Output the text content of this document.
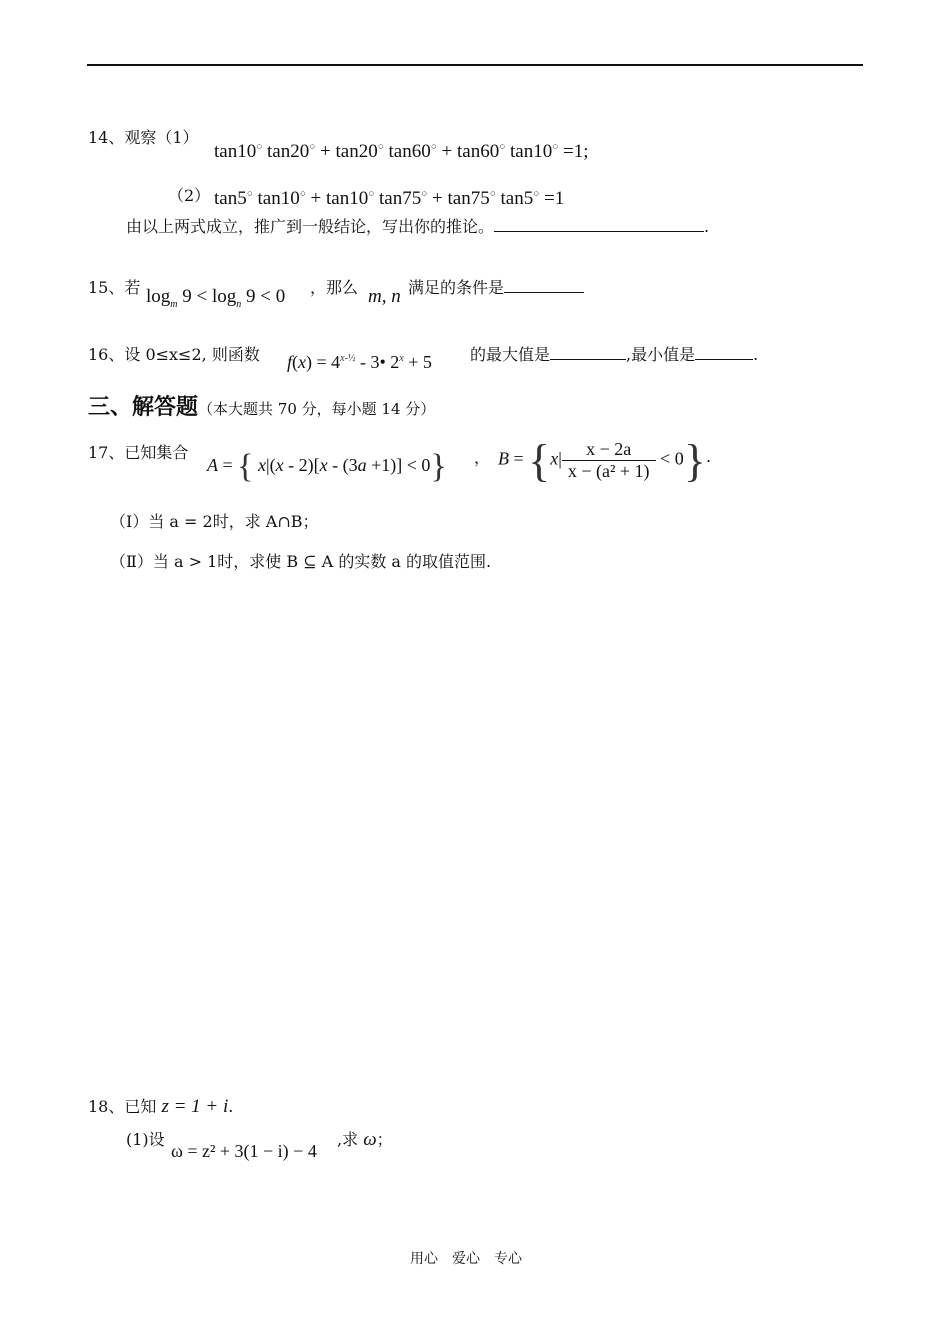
14、观察（1）
tan10○ tan20○ + tan20○ tan60○ + tan60○ tan10○ =1;
（2） tan5○ tan10○ + tan10○ tan75○ + tan75○ tan5○ =1
由以上两式成立，推广到一般结论，写出你的推论。	.
15、若 $\log_m 9 < \log_n 9 < 0$ ，那么 m, n 满足的条件是
16、设 0≤x≤2, 则函数 $f(x) = 4^{x-\frac{1}{2}}$ - 3• $2^x + 5$ 的最大值是	,最小值是	.
三、解答题（本大题共 70 分，每小题 14 分）
17、已知集合
A = { x|(x - 2)[x - (3a +1)] < 0} ， $B = \{x| \frac{x - 2a}{\text{x − (a² + 1)}} < 0\}$ .
（Ⅰ）当 a = 2时，求 A∩B；
（Ⅱ）当 a > 1时，求使 B ⊆ A 的实数 a 的取值范围.
18、已知 z = 1 + i.
(1)设
ω = z² + 3(1 − i) − 4
,求 ω；
用心　爱心　专心
